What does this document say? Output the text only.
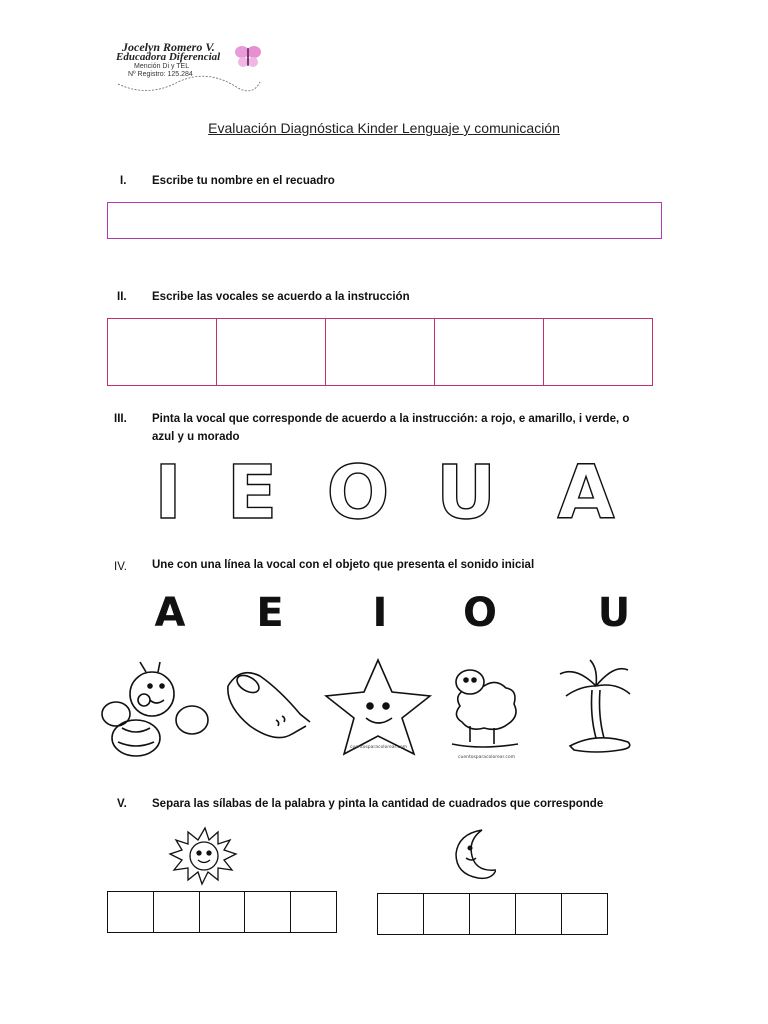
Jocelyn Romero V.
Educadora Diferencial
Mención Di y TEL
Nº Registro: 125.284
Evaluación Diagnóstica Kinder Lenguaje y comunicación
I. Escribe tu nombre en el recuadro
II. Escribe las vocales se acuerdo a la instrucción
III. Pinta la vocal que corresponde de acuerdo a la instrucción: a rojo, e amarillo, i verde, o
azul y u morado
I E O U A
IV. Une con una línea la vocal con el objeto que presenta el sonido inicial
A	E	I	O	U
cuentosparacolorear.com
cuentosparacolorear.com
V. Separa las sílabas de la palabra y pinta la cantidad de cuadrados que corresponde
